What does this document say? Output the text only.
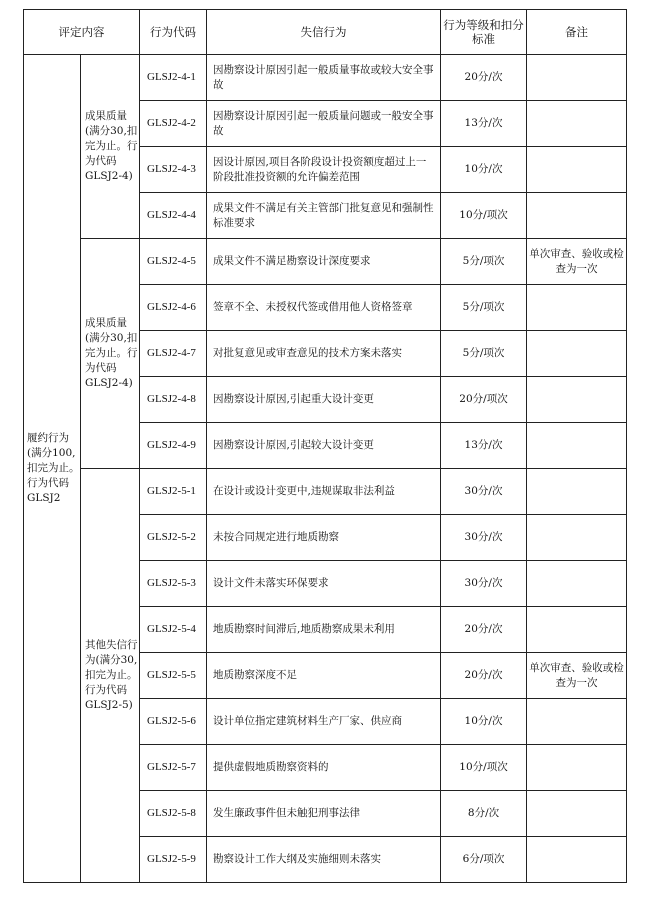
评定内容		行为代码	失信行为	行为等级和扣分标准	备注
履约行为(满分100,扣完为止。行为代码GLSJ2	成果质量(满分30,扣完为止。行为代码GLSJ2-4)	GLSJ2-4-1	因勘察设计原因引起一般质量事故或较大安全事故	20分/次	
		GLSJ2-4-2	因勘察设计原因引起一般质量问题或一般安全事故	13分/次	
		GLSJ2-4-3	因设计原因,项目各阶段设计投资额度超过上一阶段批准投资额的允许偏差范围	10分/次	
		GLSJ2-4-4	成果文件不满足有关主管部门批复意见和强制性标准要求	10分/项次	
	成果质量(满分30,扣完为止。行为代码GLSJ2-4)	GLSJ2-4-5	成果文件不满足勘察设计深度要求	5分/项次	单次审查、验收或检查为一次
		GLSJ2-4-6	签章不全、未授权代签或借用他人资格签章	5分/项次	
		GLSJ2-4-7	对批复意见或审查意见的技术方案未落实	5分/项次	
		GLSJ2-4-8	因勘察设计原因,引起重大设计变更	20分/项次	
		GLSJ2-4-9	因勘察设计原因,引起较大设计变更	13分/次	
	其他失信行为(满分30,扣完为止。行为代码GLSJ2-5)	GLSJ2-5-1	在设计或设计变更中,违规谋取非法利益	30分/次	
		GLSJ2-5-2	未按合同规定进行地质勘察	30分/次	
		GLSJ2-5-3	设计文件未落实环保要求	30分/次	
		GLSJ2-5-4	地质勘察时间滞后,地质勘察成果未利用	20分/次	
		GLSJ2-5-5	地质勘察深度不足	20分/次	单次审查、验收或检查为一次
		GLSJ2-5-6	设计单位指定建筑材料生产厂家、供应商	10分/次	
		GLSJ2-5-7	提供虚假地质勘察资料的	10分/项次	
		GLSJ2-5-8	发生廉政事件但未触犯刑事法律	8分/次	
		GLSJ2-5-9	勘察设计工作大纲及实施细则未落实	6分/项次	
